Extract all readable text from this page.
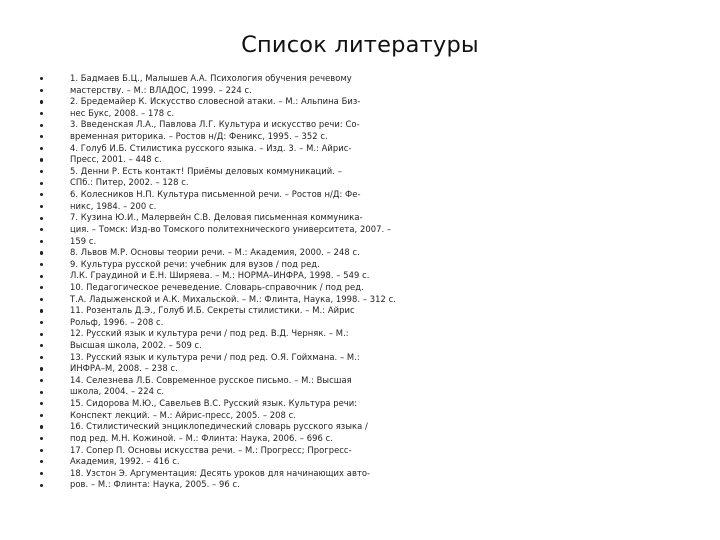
Список литературы
1. Бадмаев Б.Ц., Малышев А.А. Психология обучения речевому
мастерству. – М.: ВЛАДОС, 1999. – 224 с.
2. Бредемайер К. Искусство словесной атаки. – М.: Альпина Биз-
нес Букс, 2008. – 178 с.
3. Введенская Л.А., Павлова Л.Г. Культура и искусство речи: Со-
временная риторика. – Ростов н/Д: Феникс, 1995. – 352 с.
4. Голуб И.Б. Стилистика русского языка. – Изд. 3. – М.: Айрис-
Пресс, 2001. – 448 с.
5. Денни Р. Есть контакт! Приёмы деловых коммуникаций. –
СПб.: Питер, 2002. – 128 с.
6. Колесников Н.П. Культура письменной речи. – Ростов н/Д: Фе-
никс, 1984. – 200 с.
7. Кузина Ю.И., Малервейн С.В. Деловая письменная коммуника-
ция. – Томск: Изд-во Томского политехнического университета, 2007. –
159 с.
8. Львов М.Р. Основы теории речи. – М.: Академия, 2000. – 248 с.
9. Культура русской речи: учебник для вузов / под ред.
Л.К. Граудиной и Е.Н. Ширяева. – М.: НОРМА–ИНФРА, 1998. – 549 с.
10. Педагогическое речеведение. Словарь-справочник / под ред.
Т.А. Ладыженской и А.К. Михальской. – М.: Флинта, Наука, 1998. – 312 с.
11. Розенталь Д.Э., Голуб И.Б. Секреты стилистики. – М.: Айрис
Рольф, 1996. – 208 с.
12. Русский язык и культура речи / под ред. В.Д. Черняк. – М.:
Высшая школа, 2002. – 509 с.
13. Русский язык и культура речи / под ред. О.Я. Гойхмана. – М.:
ИНФРА–М, 2008. – 238 с.
14. Селезнева Л.Б. Современное русское письмо. – М.: Высшая
школа, 2004. – 224 с.
15. Сидорова М.Ю., Савельев В.С. Русский язык. Культура речи:
Конспект лекций. – М.: Айрис-пресс, 2005. – 208 с.
16. Стилистический энциклопедический словарь русского языка /
под ред. М.Н. Кожиной. – М.: Флинта: Наука, 2006. – 696 с.
17. Сопер П. Основы искусства речи. – М.: Прогресс; Прогресс-
Академия, 1992. – 416 с.
18. Узстон Э. Аргументация: Десять уроков для начинающих авто-
ров. – М.: Флинта: Наука, 2005. – 96 с.
